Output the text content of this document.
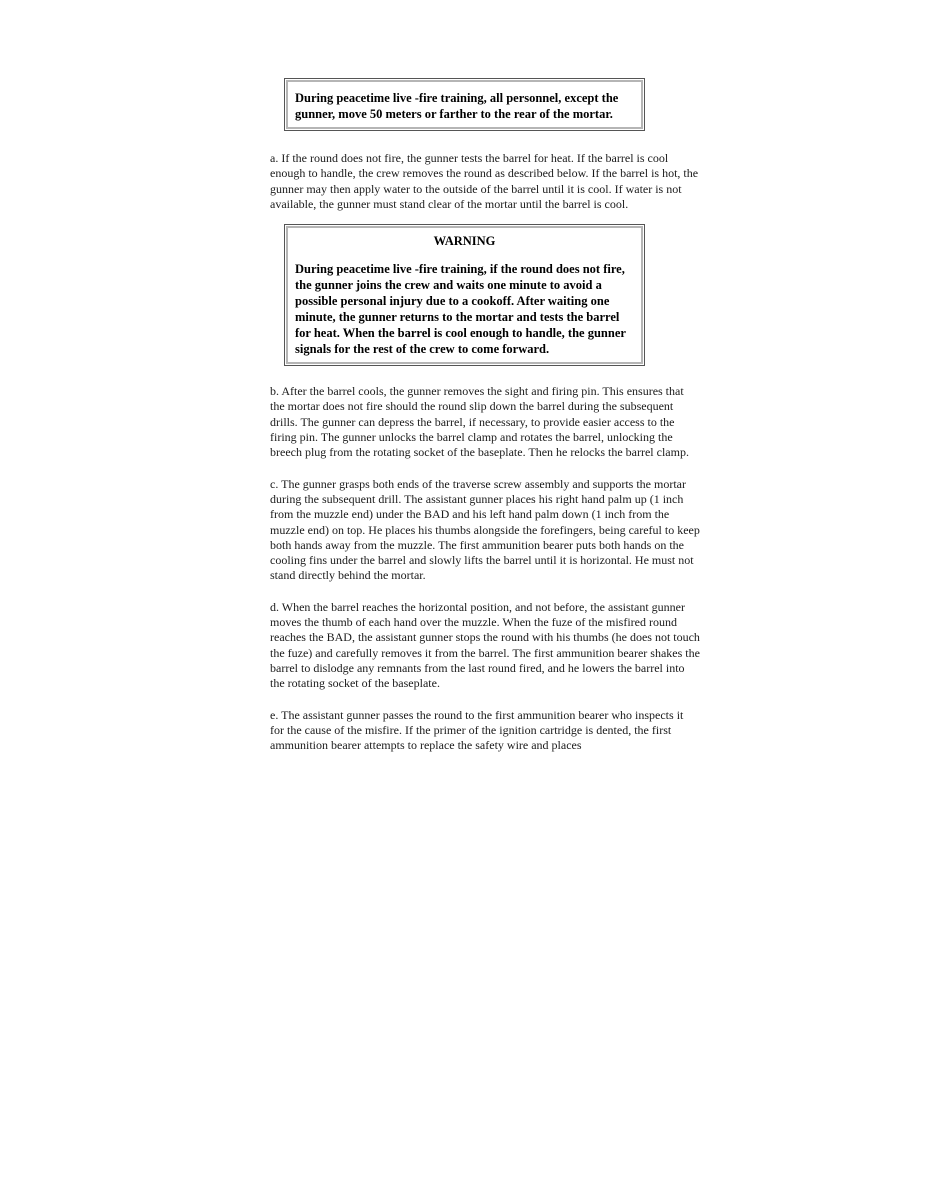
During peacetime live -fire training, all personnel, except the gunner, move 50 meters or farther to the rear of the mortar.

a. If the round does not fire, the gunner tests the barrel for heat. If the barrel is cool enough to handle, the crew removes the round as described below. If the barrel is hot, the gunner may then apply water to the outside of the barrel until it is cool. If water is not available, the gunner must stand clear of the mortar until the barrel is cool.

WARNING
During peacetime live -fire training, if the round does not fire, the gunner joins the crew and waits one minute to avoid a possible personal injury due to a cookoff. After waiting one minute, the gunner returns to the mortar and tests the barrel for heat. When the barrel is cool enough to handle, the gunner signals for the rest of the crew to come forward.

b. After the barrel cools, the gunner removes the sight and firing pin. This ensures that the mortar does not fire should the round slip down the barrel during the subsequent drills. The gunner can depress the barrel, if necessary, to provide easier access to the firing pin. The gunner unlocks the barrel clamp and rotates the barrel, unlocking the breech plug from the rotating socket of the baseplate. Then he relocks the barrel clamp.

c. The gunner grasps both ends of the traverse screw assembly and supports the mortar during the subsequent drill. The assistant gunner places his right hand palm up (1 inch from the muzzle end) under the BAD and his left hand palm down (1 inch from the muzzle end) on top. He places his thumbs alongside the forefingers, being careful to keep both hands away from the muzzle. The first ammunition bearer puts both hands on the cooling fins under the barrel and slowly lifts the barrel until it is horizontal. He must not stand directly behind the mortar.

d. When the barrel reaches the horizontal position, and not before, the assistant gunner moves the thumb of each hand over the muzzle. When the fuze of the misfired round reaches the BAD, the assistant gunner stops the round with his thumbs (he does not touch the fuze) and carefully removes it from the barrel. The first ammunition bearer shakes the barrel to dislodge any remnants from the last round fired, and he lowers the barrel into the rotating socket of the baseplate.

e. The assistant gunner passes the round to the first ammunition bearer who inspects it for the cause of the misfire. If the primer of the ignition cartridge is dented, the first ammunition bearer attempts to replace the safety wire and places
